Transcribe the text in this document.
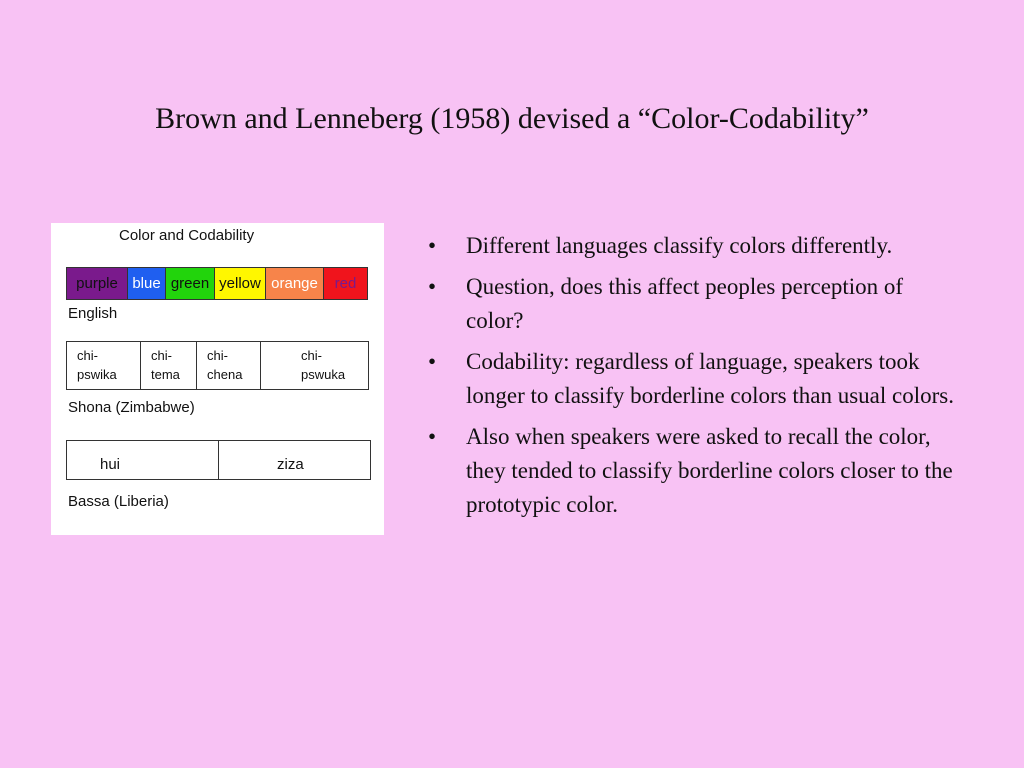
Brown and Lenneberg (1958) devised a “Color-Codability”
Color and Codability
purple blue green yellow orange red
English
chi-
pswika
chi-
tema
chi-
chena
chi-
pswuka
Shona (Zimbabwe)
hui	ziza
Bassa (Liberia)
• Different languages classify colors differently.
• Question, does this affect peoples perception of color?
• Codability: regardless of language, speakers took longer to classify borderline colors than usual colors.
• Also when speakers were asked to recall the color, they tended to classify borderline colors closer to the prototypic color.
